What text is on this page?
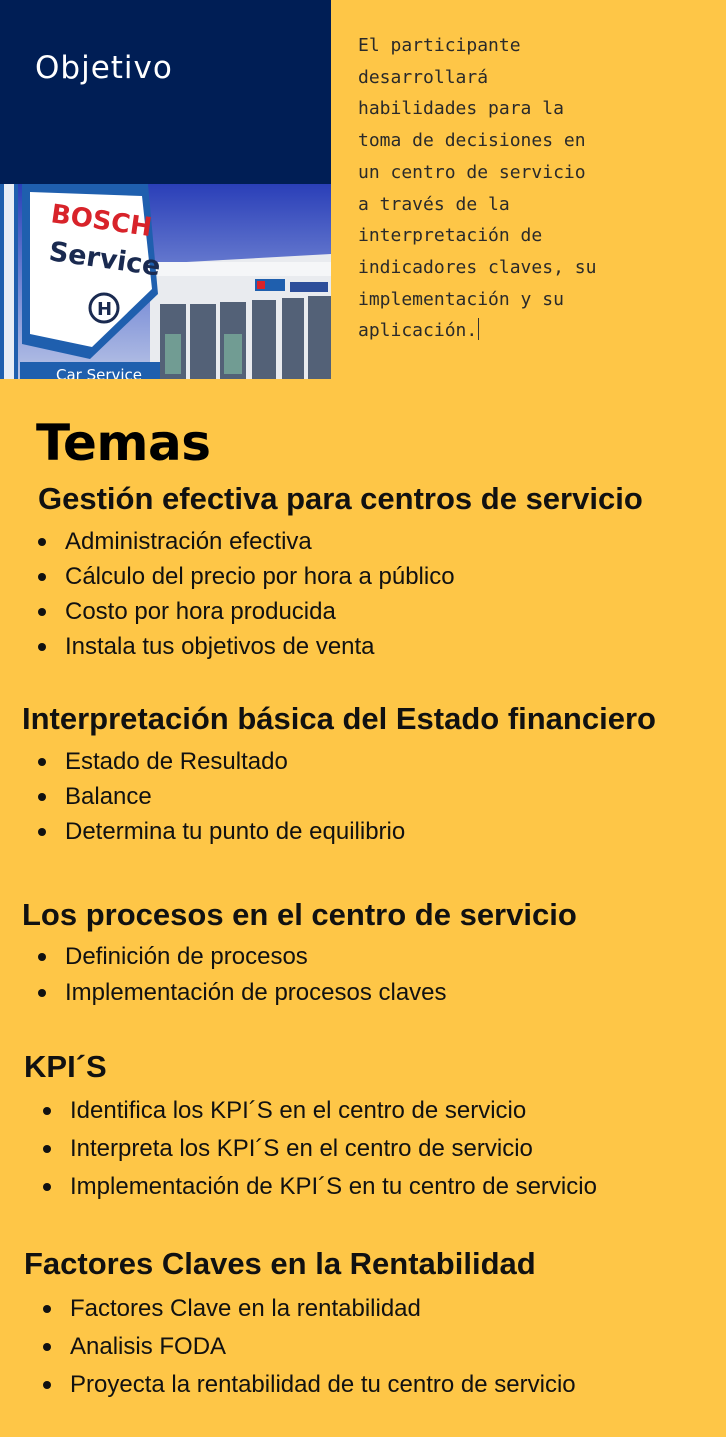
Objetivo
BOSCH
Service
H
Car Service
El participante
desarrollará
habilidades para la
toma de decisiones en
un centro de servicio
a través de la
interpretación de
indicadores claves, su
implementación y su
aplicación.
Temas
Gestión efectiva para centros de servicio
Administración efectiva
Cálculo del precio por hora a público
Costo por hora producida
Instala tus objetivos de venta
Interpretación básica del Estado financiero
Estado de Resultado
Balance
Determina tu punto de equilibrio
Los procesos en el centro de servicio
Definición de procesos
Implementación de procesos claves
KPI´S
Identifica los KPI´S en el centro de servicio
Interpreta los KPI´S en el centro de servicio
Implementación de KPI´S en tu centro de servicio
Factores Claves en la Rentabilidad
Factores Clave en la rentabilidad
Analisis FODA
Proyecta la rentabilidad de tu centro de servicio
